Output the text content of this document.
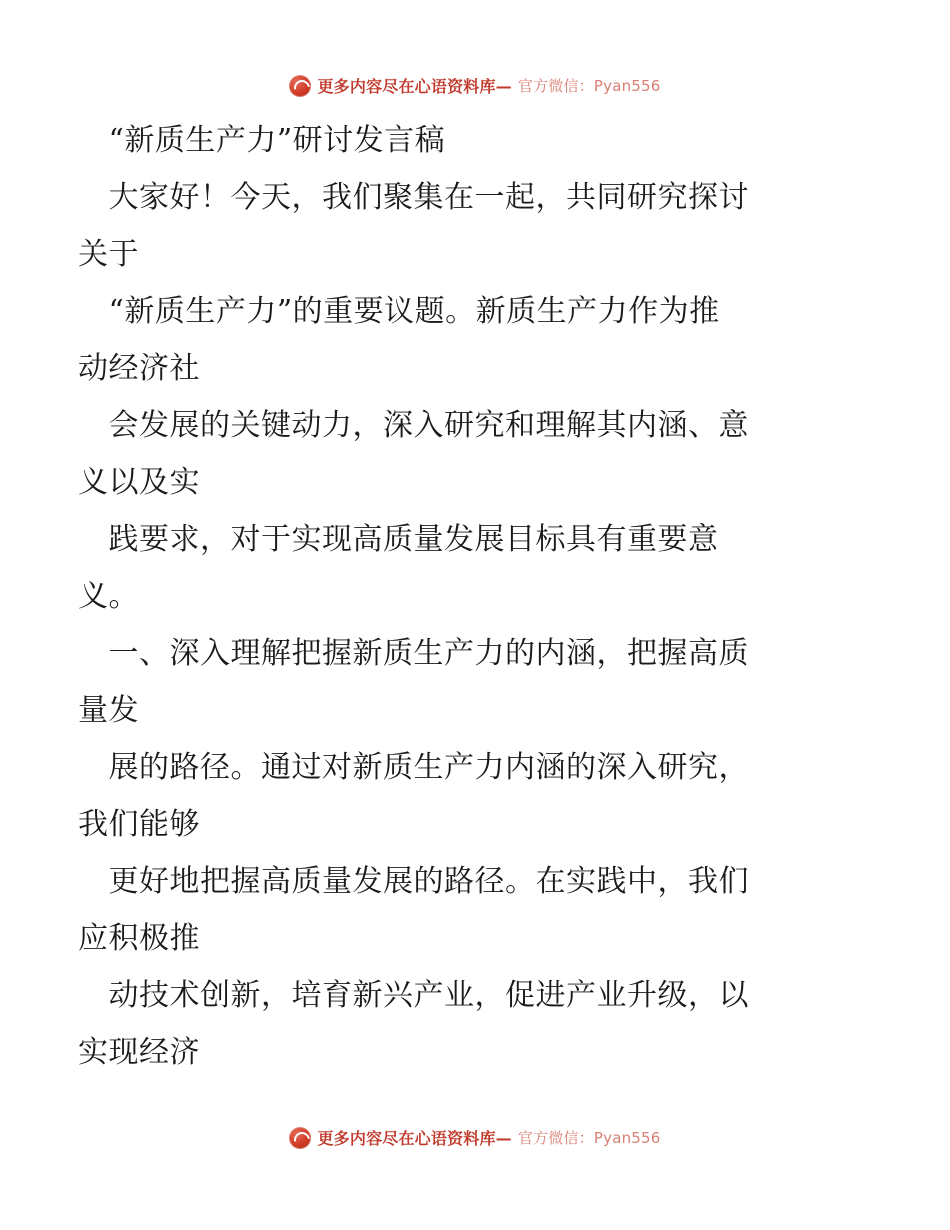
更多内容尽在心语资料库— 官方微信：Pyan556

　“新质生产力”研讨发言稿

　大家好！今天，我们聚集在一起，共同研究探讨
关于

　“新质生产力”的重要议题。新质生产力作为推
动经济社

　会发展的关键动力，深入研究和理解其内涵、意
义以及实

　践要求，对于实现高质量发展目标具有重要意
义。

　一、深入理解把握新质生产力的内涵，把握高质
量发

　展的路径。通过对新质生产力内涵的深入研究，
我们能够

　更好地把握高质量发展的路径。在实践中，我们
应积极推

　动技术创新，培育新兴产业，促进产业升级，以
实现经济

更多内容尽在心语资料库— 官方微信：Pyan556
